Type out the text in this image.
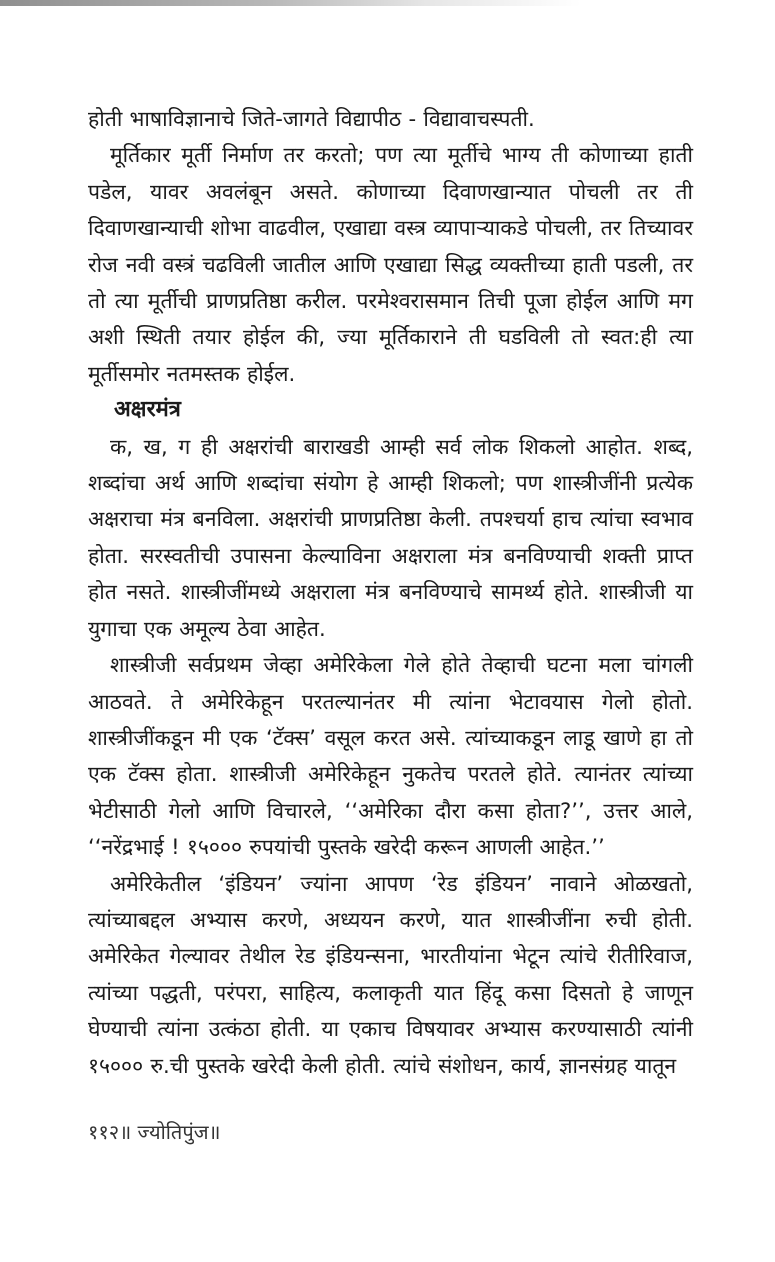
होती भाषाविज्ञानाचे जिते-जागते विद्यापीठ - विद्यावाचस्पती.

मूर्तिकार मूर्ती निर्माण तर करतो; पण त्या मूर्तीचे भाग्य ती कोणाच्या हाती पडेल, यावर अवलंबून असते. कोणाच्या दिवाणखान्यात पोचली तर ती दिवाणखान्याची शोभा वाढवील, एखाद्या वस्त्र व्यापाऱ्याकडे पोचली, तर तिच्यावर रोज नवी वस्त्रं चढविली जातील आणि एखाद्या सिद्ध व्यक्तीच्या हाती पडली, तर तो त्या मूर्तीची प्राणप्रतिष्ठा करील. परमेश्वरासमान तिची पूजा होईल आणि मग अशी स्थिती तयार होईल की, ज्या मूर्तिकाराने ती घडविली तो स्वत:ही त्या मूर्तीसमोर नतमस्तक होईल.

अक्षरमंत्र

क, ख, ग ही अक्षरांची बाराखडी आम्ही सर्व लोक शिकलो आहोत. शब्द, शब्दांचा अर्थ आणि शब्दांचा संयोग हे आम्ही शिकलो; पण शास्त्रीजींनी प्रत्येक अक्षराचा मंत्र बनविला. अक्षरांची प्राणप्रतिष्ठा केली. तपश्चर्या हाच त्यांचा स्वभाव होता. सरस्वतीची उपासना केल्याविना अक्षराला मंत्र बनविण्याची शक्ती प्राप्त होत नसते. शास्त्रीजींमध्ये अक्षराला मंत्र बनविण्याचे सामर्थ्य होते. शास्त्रीजी या युगाचा एक अमूल्य ठेवा आहेत.

शास्त्रीजी सर्वप्रथम जेव्हा अमेरिकेला गेले होते तेव्हाची घटना मला चांगली आठवते. ते अमेरिकेहून परतल्यानंतर मी त्यांना भेटावयास गेलो होतो. शास्त्रीजींकडून मी एक ‘टॅक्स’ वसूल करत असे. त्यांच्याकडून लाडू खाणे हा तो एक टॅक्स होता. शास्त्रीजी अमेरिकेहून नुकतेच परतले होते. त्यानंतर त्यांच्या भेटीसाठी गेलो आणि विचारले, ‘‘अमेरिका दौरा कसा होता?’’, उत्तर आले, ‘‘नरेंद्रभाई ! १५००० रुपयांची पुस्तके खरेदी करून आणली आहेत.’’

अमेरिकेतील ‘इंडियन’ ज्यांना आपण ‘रेड इंडियन’ नावाने ओळखतो, त्यांच्याबद्दल अभ्यास करणे, अध्ययन करणे, यात शास्त्रीजींना रुची होती. अमेरिकेत गेल्यावर तेथील रेड इंडियन्सना, भारतीयांना भेटून त्यांचे रीतीरिवाज, त्यांच्या पद्धती, परंपरा, साहित्य, कलाकृती यात हिंदू कसा दिसतो हे जाणून घेण्याची त्यांना उत्कंठा होती. या एकाच विषयावर अभ्यास करण्यासाठी त्यांनी १५००० रु.ची पुस्तके खरेदी केली होती. त्यांचे संशोधन, कार्य, ज्ञानसंग्रह यातून

११२॥ ज्योतिपुंज॥
